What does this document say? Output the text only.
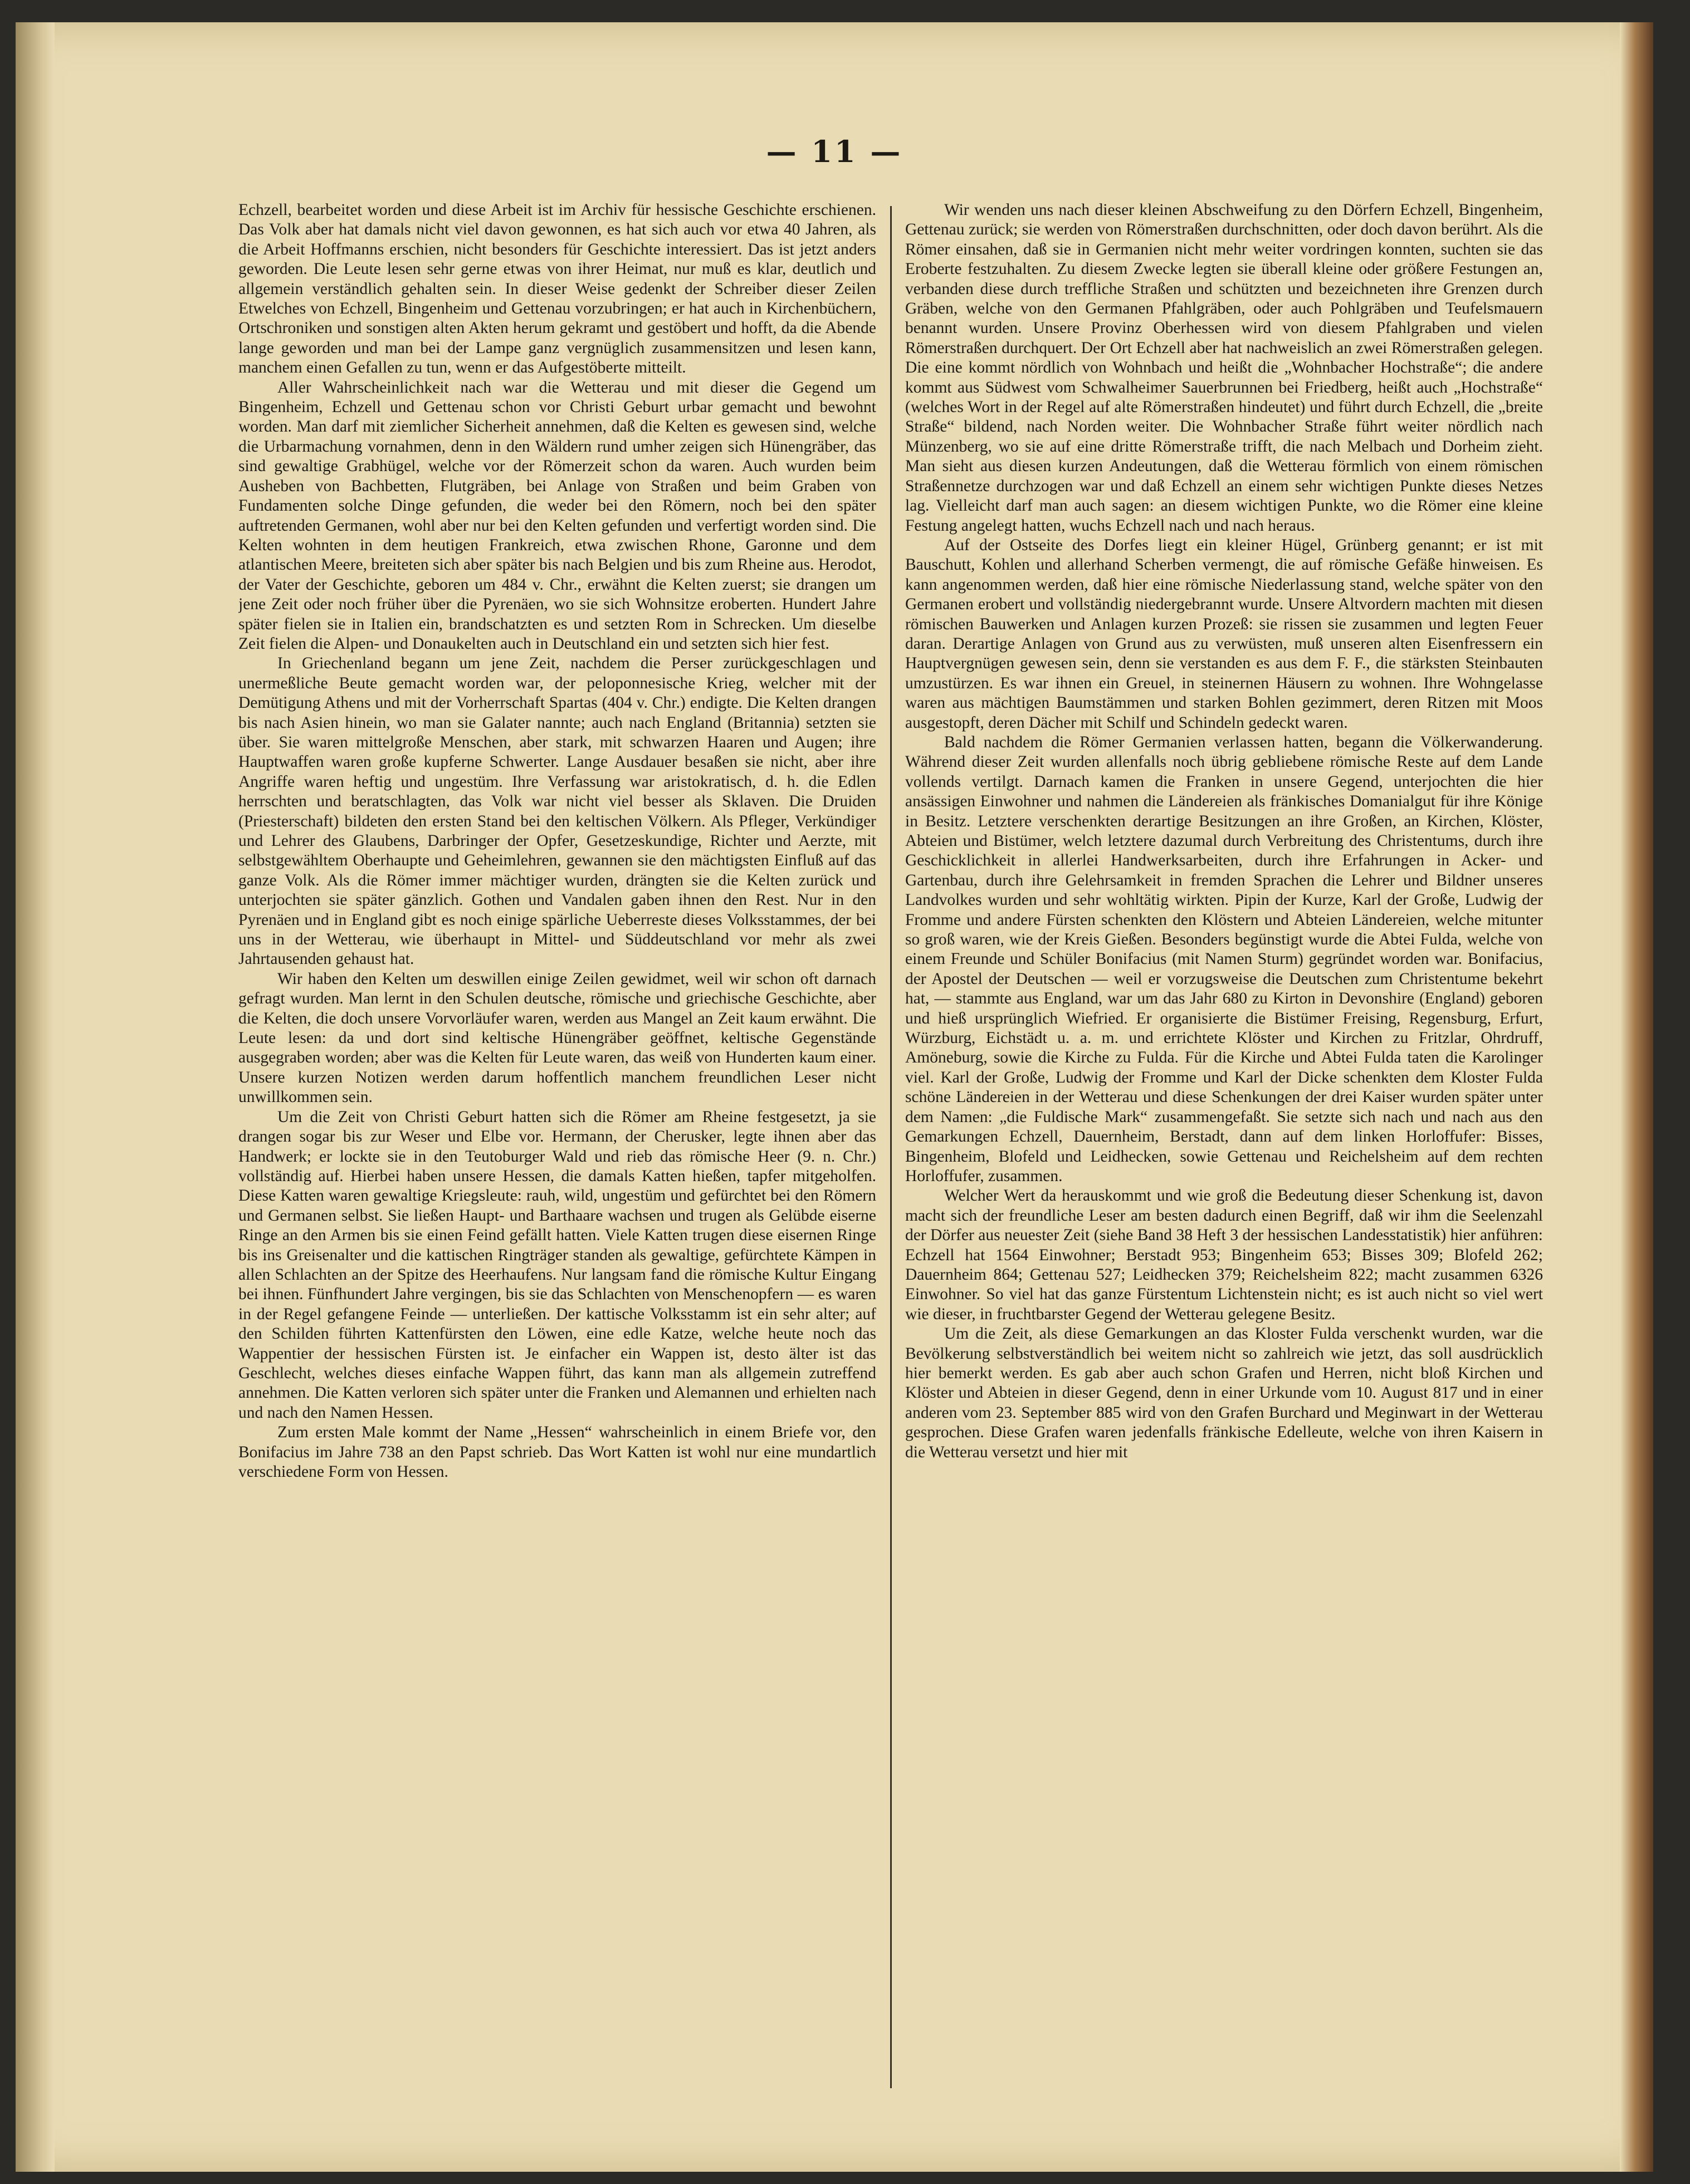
— 11 —

Echzell, bearbeitet worden und diese Arbeit ist im Archiv für hessische Geschichte erschienen. Das Volk aber hat damals nicht viel davon gewonnen, es hat sich auch vor etwa 40 Jahren, als die Arbeit Hoffmanns erschien, nicht besonders für Geschichte interessiert. Das ist jetzt anders geworden. Die Leute lesen sehr gerne etwas von ihrer Heimat, nur muß es klar, deutlich und allgemein verständlich gehalten sein. In dieser Weise gedenkt der Schreiber dieser Zeilen Etwelches von Echzell, Bingenheim und Gettenau vorzubringen; er hat auch in Kirchenbüchern, Ortschroniken und sonstigen alten Akten herum gekramt und gestöbert und hofft, da die Abende lange geworden und man bei der Lampe ganz vergnüglich zusammensitzen und lesen kann, manchem einen Gefallen zu tun, wenn er das Aufgestöberte mitteilt.

Aller Wahrscheinlichkeit nach war die Wetterau und mit dieser die Gegend um Bingenheim, Echzell und Gettenau schon vor Christi Geburt urbar gemacht und bewohnt worden. Man darf mit ziemlicher Sicherheit annehmen, daß die Kelten es gewesen sind, welche die Urbarmachung vornahmen, denn in den Wäldern rund umher zeigen sich Hünengräber, das sind gewaltige Grabhügel, welche vor der Römerzeit schon da waren. Auch wurden beim Ausheben von Bachbetten, Flutgräben, bei Anlage von Straßen und beim Graben von Fundamenten solche Dinge gefunden, die weder bei den Römern, noch bei den später auftretenden Germanen, wohl aber nur bei den Kelten gefunden und verfertigt worden sind. Die Kelten wohnten in dem heutigen Frankreich, etwa zwischen Rhone, Garonne und dem atlantischen Meere, breiteten sich aber später bis nach Belgien und bis zum Rheine aus. Herodot, der Vater der Geschichte, geboren um 484 v. Chr., erwähnt die Kelten zuerst; sie drangen um jene Zeit oder noch früher über die Pyrenäen, wo sie sich Wohnsitze eroberten. Hundert Jahre später fielen sie in Italien ein, brandschatzten es und setzten Rom in Schrecken. Um dieselbe Zeit fielen die Alpen- und Donaukelten auch in Deutschland ein und setzten sich hier fest.

In Griechenland begann um jene Zeit, nachdem die Perser zurückgeschlagen und unermeßliche Beute gemacht worden war, der peloponnesische Krieg, welcher mit der Demütigung Athens und mit der Vorherrschaft Spartas (404 v. Chr.) endigte. Die Kelten drangen bis nach Asien hinein, wo man sie Galater nannte; auch nach England (Britannia) setzten sie über. Sie waren mittelgroße Menschen, aber stark, mit schwarzen Haaren und Augen; ihre Hauptwaffen waren große kupferne Schwerter. Lange Ausdauer besaßen sie nicht, aber ihre Angriffe waren heftig und ungestüm. Ihre Verfassung war aristokratisch, d. h. die Edlen herrschten und beratschlagten, das Volk war nicht viel besser als Sklaven. Die Druiden (Priesterschaft) bildeten den ersten Stand bei den keltischen Völkern. Als Pfleger, Verkündiger und Lehrer des Glaubens, Darbringer der Opfer, Gesetzeskundige, Richter und Aerzte, mit selbstgewähltem Oberhaupte und Geheimlehren, gewannen sie den mächtigsten Einfluß auf das ganze Volk. Als die Römer immer mächtiger wurden, drängten sie die Kelten zurück und unterjochten sie später gänzlich. Gothen und Vandalen gaben ihnen den Rest. Nur in den Pyrenäen und in England gibt es noch einige spärliche Ueberreste dieses Volksstammes, der bei uns in der Wetterau, wie überhaupt in Mittel- und Süddeutschland vor mehr als zwei Jahrtausenden gehaust hat.

Wir haben den Kelten um deswillen einige Zeilen gewidmet, weil wir schon oft darnach gefragt wurden. Man lernt in den Schulen deutsche, römische und griechische Geschichte, aber die Kelten, die doch unsere Vorvorläufer waren, werden aus Mangel an Zeit kaum erwähnt. Die Leute lesen: da und dort sind keltische Hünengräber geöffnet, keltische Gegenstände ausgegraben worden; aber was die Kelten für Leute waren, das weiß von Hunderten kaum einer. Unsere kurzen Notizen werden darum hoffentlich manchem freundlichen Leser nicht unwillkommen sein.

Um die Zeit von Christi Geburt hatten sich die Römer am Rheine festgesetzt, ja sie drangen sogar bis zur Weser und Elbe vor. Hermann, der Cherusker, legte ihnen aber das Handwerk; er lockte sie in den Teutoburger Wald und rieb das römische Heer (9. n. Chr.) vollständig auf. Hierbei haben unsere Hessen, die damals Katten hießen, tapfer mitgeholfen. Diese Katten waren gewaltige Kriegsleute: rauh, wild, ungestüm und gefürchtet bei den Römern und Germanen selbst. Sie ließen Haupt- und Barthaare wachsen und trugen als Gelübde eiserne Ringe an den Armen bis sie einen Feind gefällt hatten. Viele Katten trugen diese eisernen Ringe bis ins Greisenalter und die kattischen Ringträger standen als gewaltige, gefürchtete Kämpen in allen Schlachten an der Spitze des Heerhaufens. Nur langsam fand die römische Kultur Eingang bei ihnen. Fünfhundert Jahre vergingen, bis sie das Schlachten von Menschenopfern — es waren in der Regel gefangene Feinde — unterließen. Der kattische Volksstamm ist ein sehr alter; auf den Schilden führten Kattenfürsten den Löwen, eine edle Katze, welche heute noch das Wappentier der hessischen Fürsten ist. Je einfacher ein Wappen ist, desto älter ist das Geschlecht, welches dieses einfache Wappen führt, das kann man als allgemein zutreffend annehmen. Die Katten verloren sich später unter die Franken und Alemannen und erhielten nach und nach den Namen Hessen.

Zum ersten Male kommt der Name „Hessen“ wahrscheinlich in einem Briefe vor, den Bonifacius im Jahre 738 an den Papst schrieb. Das Wort Katten ist wohl nur eine mundartlich verschiedene Form von Hessen.

Wir wenden uns nach dieser kleinen Abschweifung zu den Dörfern Echzell, Bingenheim, Gettenau zurück; sie werden von Römerstraßen durchschnitten, oder doch davon berührt. Als die Römer einsahen, daß sie in Germanien nicht mehr weiter vordringen konnten, suchten sie das Eroberte festzuhalten. Zu diesem Zwecke legten sie überall kleine oder größere Festungen an, verbanden diese durch treffliche Straßen und schützten und bezeichneten ihre Grenzen durch Gräben, welche von den Germanen Pfahlgräben, oder auch Pohlgräben und Teufelsmauern benannt wurden. Unsere Provinz Oberhessen wird von diesem Pfahlgraben und vielen Römerstraßen durchquert. Der Ort Echzell aber hat nachweislich an zwei Römerstraßen gelegen. Die eine kommt nördlich von Wohnbach und heißt die „Wohnbacher Hochstraße“; die andere kommt aus Südwest vom Schwalheimer Sauerbrunnen bei Friedberg, heißt auch „Hochstraße“ (welches Wort in der Regel auf alte Römerstraßen hindeutet) und führt durch Echzell, die „breite Straße“ bildend, nach Norden weiter. Die Wohnbacher Straße führt weiter nördlich nach Münzenberg, wo sie auf eine dritte Römerstraße trifft, die nach Melbach und Dorheim zieht. Man sieht aus diesen kurzen Andeutungen, daß die Wetterau förmlich von einem römischen Straßennetze durchzogen war und daß Echzell an einem sehr wichtigen Punkte dieses Netzes lag. Vielleicht darf man auch sagen: an diesem wichtigen Punkte, wo die Römer eine kleine Festung angelegt hatten, wuchs Echzell nach und nach heraus.

Auf der Ostseite des Dorfes liegt ein kleiner Hügel, Grünberg genannt; er ist mit Bauschutt, Kohlen und allerhand Scherben vermengt, die auf römische Gefäße hinweisen. Es kann angenommen werden, daß hier eine römische Niederlassung stand, welche später von den Germanen erobert und vollständig niedergebrannt wurde. Unsere Altvordern machten mit diesen römischen Bauwerken und Anlagen kurzen Prozeß: sie rissen sie zusammen und legten Feuer daran. Derartige Anlagen von Grund aus zu verwüsten, muß unseren alten Eisenfressern ein Hauptvergnügen gewesen sein, denn sie verstanden es aus dem F. F., die stärksten Steinbauten umzustürzen. Es war ihnen ein Greuel, in steinernen Häusern zu wohnen. Ihre Wohngelasse waren aus mächtigen Baumstämmen und starken Bohlen gezimmert, deren Ritzen mit Moos ausgestopft, deren Dächer mit Schilf und Schindeln gedeckt waren.

Bald nachdem die Römer Germanien verlassen hatten, begann die Völkerwanderung. Während dieser Zeit wurden allenfalls noch übrig gebliebene römische Reste auf dem Lande vollends vertilgt. Darnach kamen die Franken in unsere Gegend, unterjochten die hier ansässigen Einwohner und nahmen die Ländereien als fränkisches Domanialgut für ihre Könige in Besitz. Letztere verschenkten derartige Besitzungen an ihre Großen, an Kirchen, Klöster, Abteien und Bistümer, welch letztere dazumal durch Verbreitung des Christentums, durch ihre Geschicklichkeit in allerlei Handwerksarbeiten, durch ihre Erfahrungen in Acker- und Gartenbau, durch ihre Gelehrsamkeit in fremden Sprachen die Lehrer und Bildner unseres Landvolkes wurden und sehr wohltätig wirkten. Pipin der Kurze, Karl der Große, Ludwig der Fromme und andere Fürsten schenkten den Klöstern und Abteien Ländereien, welche mitunter so groß waren, wie der Kreis Gießen. Besonders begünstigt wurde die Abtei Fulda, welche von einem Freunde und Schüler Bonifacius (mit Namen Sturm) gegründet worden war. Bonifacius, der Apostel der Deutschen — weil er vorzugsweise die Deutschen zum Christentume bekehrt hat, — stammte aus England, war um das Jahr 680 zu Kirton in Devonshire (England) geboren und hieß ursprünglich Wiefried. Er organisierte die Bistümer Freising, Regensburg, Erfurt, Würzburg, Eichstädt u. a. m. und errichtete Klöster und Kirchen zu Fritzlar, Ohrdruff, Amöneburg, sowie die Kirche zu Fulda. Für die Kirche und Abtei Fulda taten die Karolinger viel. Karl der Große, Ludwig der Fromme und Karl der Dicke schenkten dem Kloster Fulda schöne Ländereien in der Wetterau und diese Schenkungen der drei Kaiser wurden später unter dem Namen: „die Fuldische Mark“ zusammengefaßt. Sie setzte sich nach und nach aus den Gemarkungen Echzell, Dauernheim, Berstadt, dann auf dem linken Horloffufer: Bisses, Bingenheim, Blofeld und Leidhecken, sowie Gettenau und Reichelsheim auf dem rechten Horloffufer, zusammen.

Welcher Wert da herauskommt und wie groß die Bedeutung dieser Schenkung ist, davon macht sich der freundliche Leser am besten dadurch einen Begriff, daß wir ihm die Seelenzahl der Dörfer aus neuester Zeit (siehe Band 38 Heft 3 der hessischen Landesstatistik) hier anführen: Echzell hat 1564 Einwohner; Berstadt 953; Bingenheim 653; Bisses 309; Blofeld 262; Dauernheim 864; Gettenau 527; Leidhecken 379; Reichelsheim 822; macht zusammen 6326 Einwohner. So viel hat das ganze Fürstentum Lichtenstein nicht; es ist auch nicht so viel wert wie dieser, in fruchtbarster Gegend der Wetterau gelegene Besitz.

Um die Zeit, als diese Gemarkungen an das Kloster Fulda verschenkt wurden, war die Bevölkerung selbstverständlich bei weitem nicht so zahlreich wie jetzt, das soll ausdrücklich hier bemerkt werden. Es gab aber auch schon Grafen und Herren, nicht bloß Kirchen und Klöster und Abteien in dieser Gegend, denn in einer Urkunde vom 10. August 817 und in einer anderen vom 23. September 885 wird von den Grafen Burchard und Meginwart in der Wetterau gesprochen. Diese Grafen waren jedenfalls fränkische Edelleute, welche von ihren Kaisern in die Wetterau versetzt und hier mit
